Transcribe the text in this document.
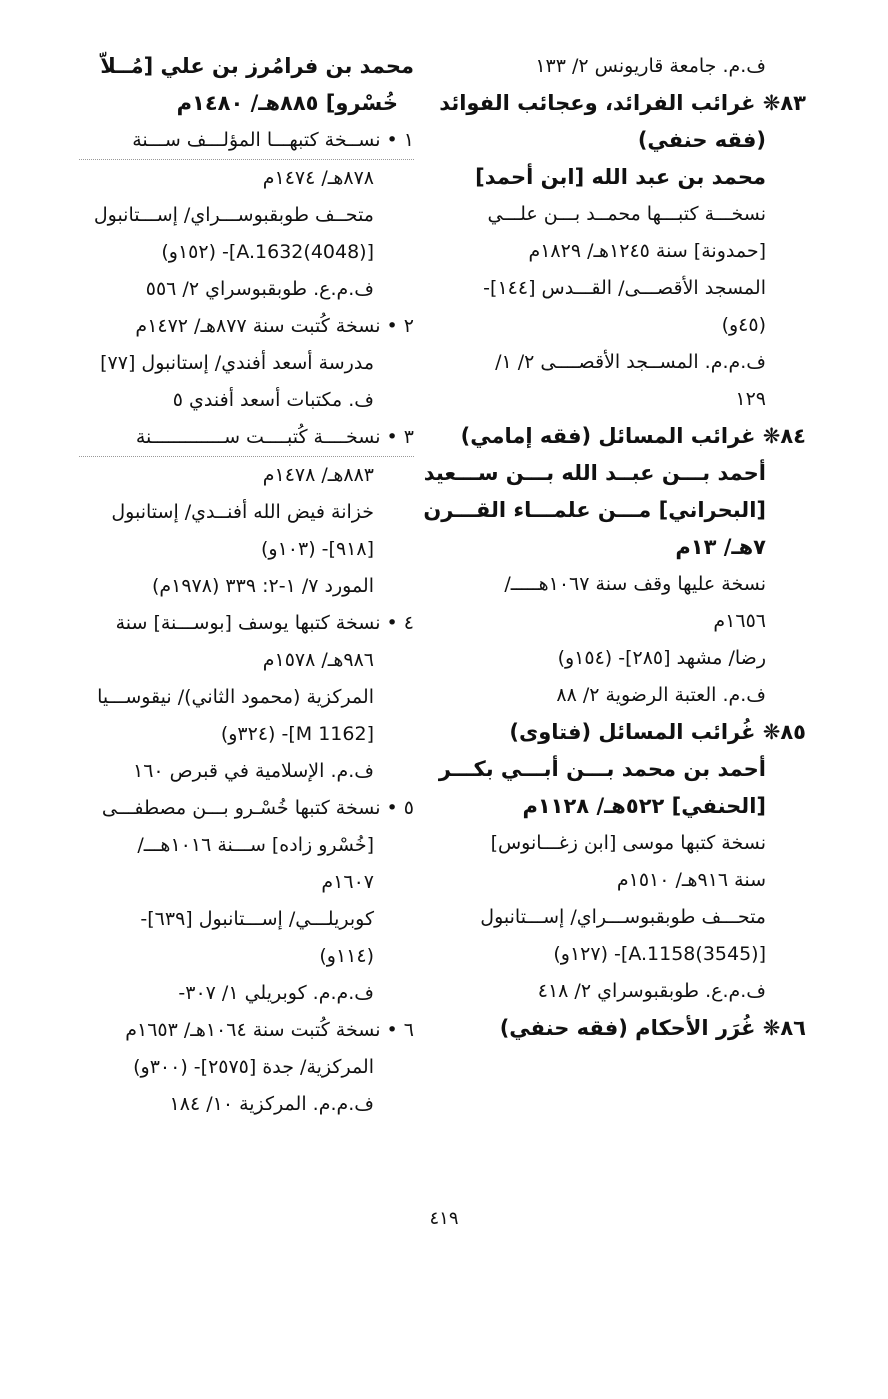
ف.م. جامعة قاريونس ٢/ ١٣٣
٨٣❋ غرائب الفرائد، وعجائب الفوائد
(فقه حنفي)
محمد بن عبد الله [ابن أحمد]
نسخـــة كتبـــها محمــد بـــن علـــي
[حمدونة] سنة ١٢٤٥هـ/ ١٨٢٩م
المسجد الأقصـــى/ القـــدس [١٤٤]-
(٤٥و)
ف.م.م. المســجد الأقصــــى ٢/ ١/
١٢٩
٨٤❋ غرائب المسائل (فقه إمامي)
أحمد بـــن عبــد الله بـــن ســـعيد
[البحراني] مـــن علمـــاء القـــرن
٧هـ/ ١٣م
نسخة عليها وقف سنة ١٠٦٧هـــــ/
١٦٥٦م
رضا/ مشهد [٢٨٥]- (١٥٤و)
ف.م. العتبة الرضوية ٢/ ٨٨
٨٥❋ غُرائب المسائل (فتاوى)
أحمد بن محمد بـــن أبـــي بكـــر
[الحنفي] ٥٢٢هـ/ ١١٢٨م
نسخة كتبها موسى [ابن زغـــانوس]
سنة ٩١٦هـ/ ١٥١٠م
متحـــف طوبقبوســـراي/ إســـتانبول
[(3545)A.1158]- (١٢٧و)
ف.م.ع. طوبقبوسراي ٢/ ٤١٨
٨٦❋ غُرَر الأحكام (فقه حنفي)
محمد بن فرامُرز بن علي [مُــلاّ
خُسْرو] ٨٨٥هـ/ ١٤٨٠م
١ • نســخة كتبهـــا المؤلـــف ســـنة
٨٧٨هـ/ ١٤٧٤م
متحــف طوبقبوســـراي/ إســـتانبول
[(4048)A.1632]- (١٥٢و)
ف.م.ع. طوبقبوسراي ٢/ ٥٥٦
٢ • نسخة كُتبت سنة ٨٧٧هـ/ ١٤٧٢م
مدرسة أسعد أفندي/ إستانبول [٧٧]
ف. مكتبات أسعد أفندي ٥
٣ • نسخــــة كُتبــــت ســـــــــــــنة
٨٨٣هـ/ ١٤٧٨م
خزانة فيض الله أفنــدي/ إستانبول
[٩١٨]- (١٠٣و)
المورد ٧/ ١-٢: ٣٣٩ (١٩٧٨م)
٤ • نسخة كتبها يوسف [بوســـنة] سنة
٩٨٦هـ/ ١٥٧٨م
المركزية (محمود الثاني)/ نيقوســـيا
[M 1162]- (٣٢٤و)
ف.م. الإسلامية في قبرص ١٦٠
٥ • نسخة كتبها خُسْـرو بـــن مصطفـــى
[خُسْرو زاده] ســـنة ١٠١٦هـــ/
١٦٠٧م
كوبريلـــي/ إســـتانبول [٦٣٩]-
(١١٤و)
ف.م.م. كوبريلي ١/ ٣٠٧-
٦ • نسخة كُتبت سنة ١٠٦٤هـ/ ١٦٥٣م
المركزية/ جدة [٢٥٧٥]- (٣٠٠و)
ف.م.م. المركزية ١٠/ ١٨٤
٤١٩
